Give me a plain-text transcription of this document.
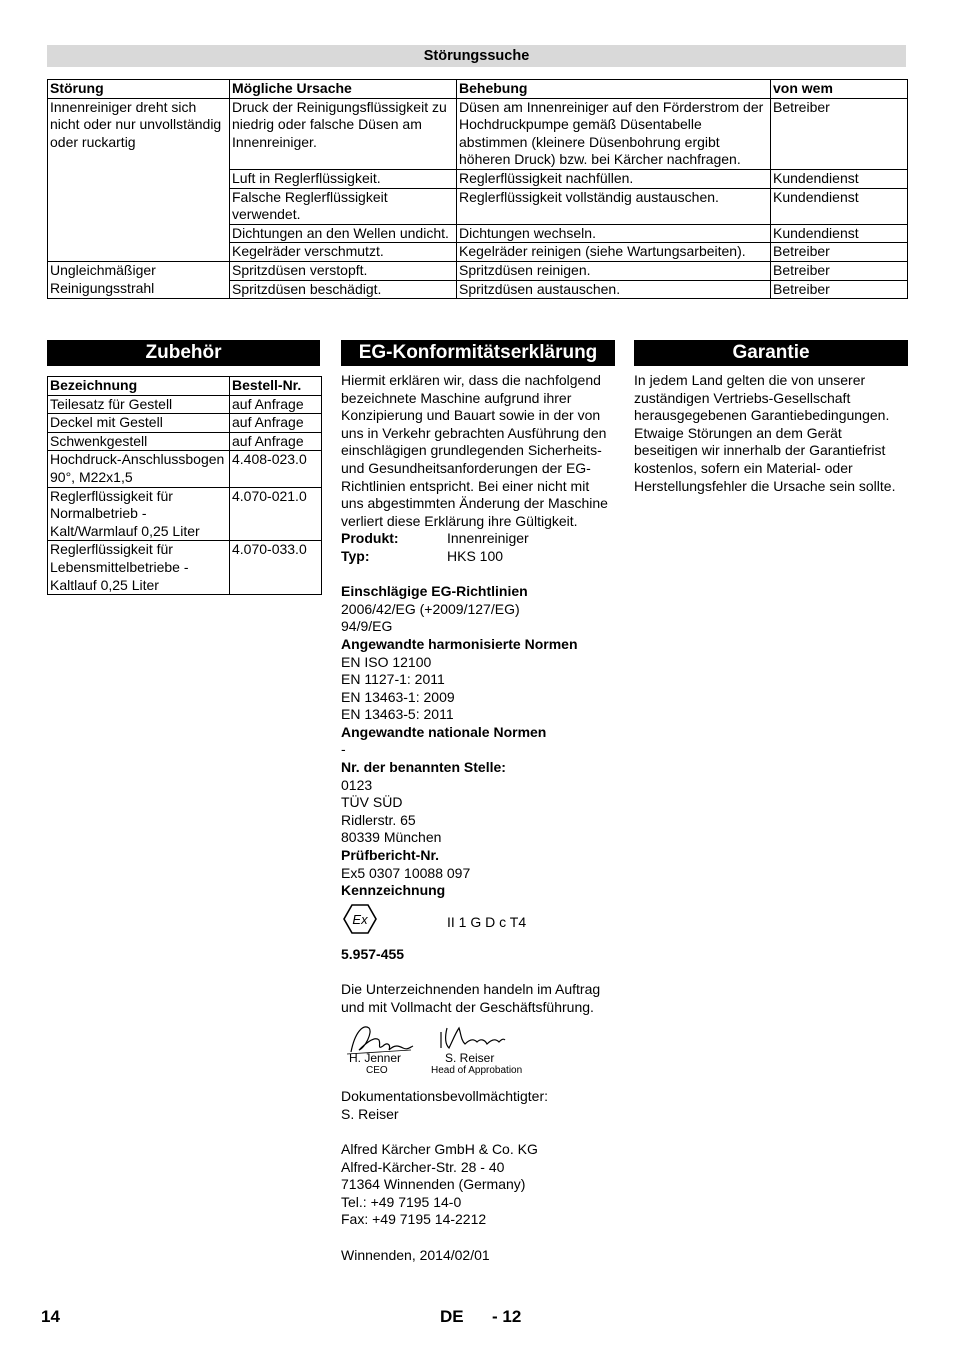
Störungssuche
Störung	Mögliche Ursache	Behebung	von wem
Innenreiniger dreht sich nicht oder nur unvollständig oder ruckartig	Druck der Reinigungsflüssigkeit zu niedrig oder falsche Düsen am Innenreiniger.	Düsen am Innenreiniger auf den Förderstrom der Hochdruckpumpe gemäß Düsentabelle abstimmen (kleinere Düsenbohrung ergibt höheren Druck) bzw. bei Kärcher nachfragen.	Betreiber
	Luft in Reglerflüssigkeit.	Reglerflüssigkeit nachfüllen.	Kundendienst
	Falsche Reglerflüssigkeit verwendet.	Reglerflüssigkeit vollständig austauschen.	Kundendienst
	Dichtungen an den Wellen undicht.	Dichtungen wechseln.	Kundendienst
	Kegelräder verschmutzt.	Kegelräder reinigen (siehe Wartungsarbeiten).	Betreiber
Ungleichmäßiger Reinigungsstrahl	Spritzdüsen verstopft.	Spritzdüsen reinigen.	Betreiber
	Spritzdüsen beschädigt.	Spritzdüsen austauschen.	Betreiber
Zubehör
Bezeichnung	Bestell-Nr.
Teilesatz für Gestell	auf Anfrage
Deckel mit Gestell	auf Anfrage
Schwenkgestell	auf Anfrage
Hochdruck-Anschlussbogen 90°, M22x1,5	4.408-023.0
Reglerflüssigkeit für Normalbetrieb - Kalt/Warmlauf 0,25 Liter	4.070-021.0
Reglerflüssigkeit für Lebensmittelbetriebe - Kaltlauf 0,25 Liter	4.070-033.0
EG-Konformitätserklärung
Hiermit erklären wir, dass die nachfolgend bezeichnete Maschine aufgrund ihrer Konzipierung und Bauart sowie in der von uns in Verkehr gebrachten Ausführung den einschlägigen grundlegenden Sicherheits- und Gesundheitsanforderungen der EG-Richtlinien entspricht. Bei einer nicht mit uns abgestimmten Änderung der Maschine verliert diese Erklärung ihre Gültigkeit.
Produkt:	Innenreiniger
Typ:	HKS 100
Einschlägige EG-Richtlinien
2006/42/EG (+2009/127/EG)
94/9/EG
Angewandte harmonisierte Normen
EN ISO 12100
EN 1127-1: 2011
EN 13463-1: 2009
EN 13463-5: 2011
Angewandte nationale Normen
-
Nr. der benannten Stelle:
0123
TÜV SÜD
Ridlerstr. 65
80339 München
Prüfbericht-Nr.
Ex5 0307 10088 097
Kennzeichnung
Ex	II 1 G D c T4
5.957-455
Die Unterzeichnenden handeln im Auftrag und mit Vollmacht der Geschäftsführung.
H. Jenner
CEO
S. Reiser
Head of Approbation
Dokumentationsbevollmächtigter:
S. Reiser
Alfred Kärcher GmbH & Co. KG
Alfred-Kärcher-Str. 28 - 40
71364 Winnenden (Germany)
Tel.: +49 7195 14-0
Fax: +49 7195 14-2212
Winnenden, 2014/02/01
Garantie
In jedem Land gelten die von unserer zuständigen Vertriebs-Gesellschaft herausgegebenen Garantiebedingungen. Etwaige Störungen an dem Gerät beseitigen wir innerhalb der Garantiefrist kostenlos, sofern ein Material- oder Herstellungsfehler die Ursache sein sollte.
14	DE - 12
